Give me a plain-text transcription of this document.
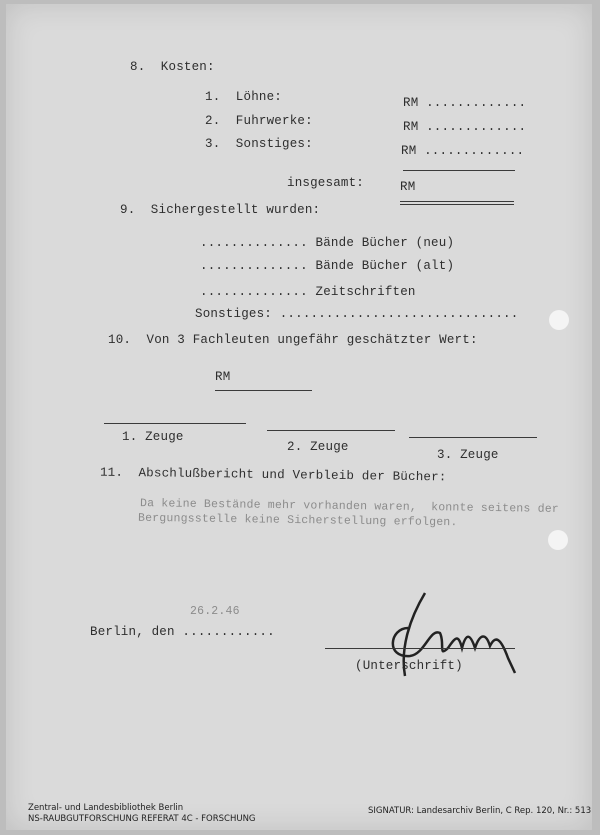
8.  Kosten:
1.  Löhne:	RM .............
2.  Fuhrwerke:	RM .............
3.  Sonstiges:	RM .............
insgesamt:	RM
9.  Sichergestellt wurden:
.............. Bände Bücher (neu)
.............. Bände Bücher (alt)
.............. Zeitschriften
Sonstiges: ...............................
10.  Von 3 Fachleuten ungefähr geschätzter Wert:
RM
1. Zeuge
2. Zeuge
3. Zeuge
11.  Abschlußbericht und Verbleib der Bücher:
Da keine Bestände mehr vorhanden waren,  konnte seitens der
Bergungsstelle keine Sicherstellung erfolgen.
26.2.46
Berlin, den ............
(Unterschrift)
Zentral- und Landesbibliothek Berlin
NS-RAUBGUTFORSCHUNG REFERAT 4C - FORSCHUNG
SIGNATUR: Landesarchiv Berlin, C Rep. 120, Nr.: 513
